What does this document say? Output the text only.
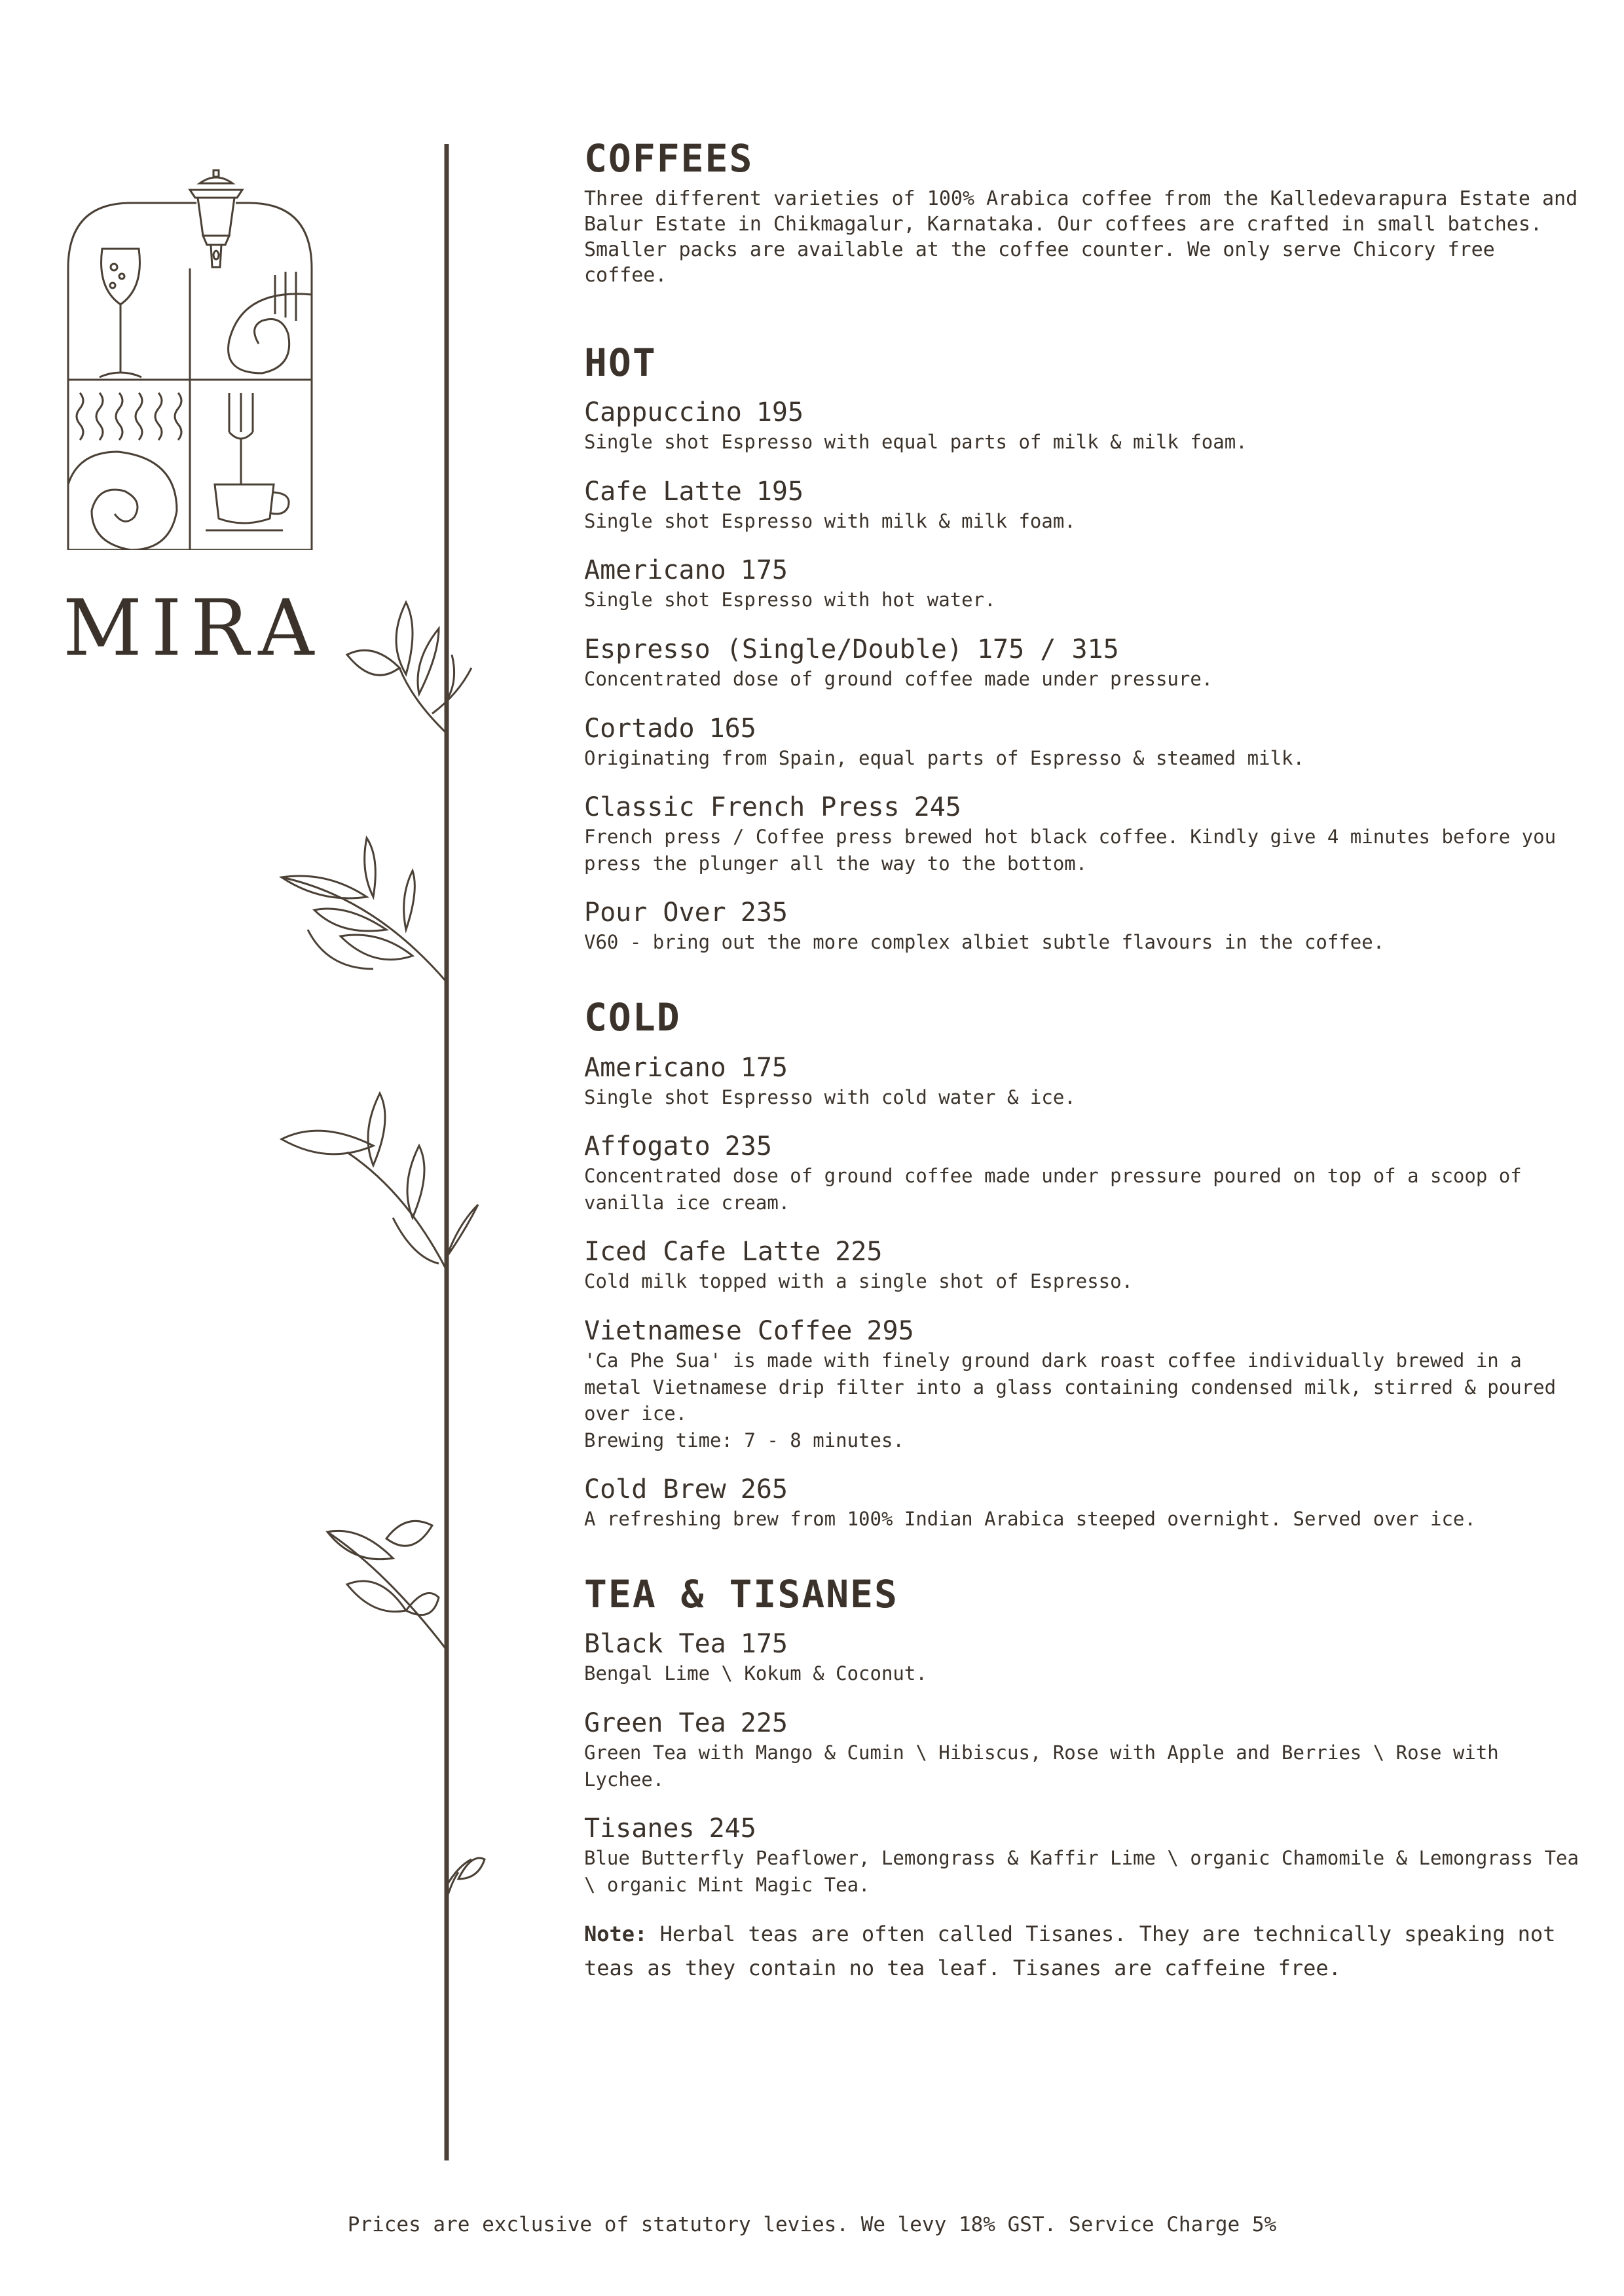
MIRA
COFFEES

Three different varieties of 100% Arabica coffee from the Kalledevarapura Estate and Balur Estate in Chikmagalur, Karnataka. Our coffees are crafted in small batches. Smaller packs are available at the coffee counter. We only serve Chicory free coffee.

HOT
Cappuccino 195
Single shot Espresso with equal parts of milk & milk foam.
Cafe Latte 195
Single shot Espresso with milk & milk foam.
Americano 175
Single shot Espresso with hot water.
Espresso (Single/Double) 175 / 315
Concentrated dose of ground coffee made under pressure.
Cortado 165
Originating from Spain, equal parts of Espresso & steamed milk.
Classic French Press 245
French press / Coffee press brewed hot black coffee. Kindly give 4 minutes before you press the plunger all the way to the bottom.
Pour Over 235
V60 - bring out the more complex albiet subtle flavours in the coffee.
COLD
Americano 175
Single shot Espresso with cold water & ice.
Affogato 235
Concentrated dose of ground coffee made under pressure poured on top of a scoop of vanilla ice cream.
Iced Cafe Latte 225
Cold milk topped with a single shot of Espresso.
Vietnamese Coffee 295
'Ca Phe Sua' is made with finely ground dark roast coffee individually brewed in a metal Vietnamese drip filter into a glass containing condensed milk, stirred & poured over ice.
Brewing time: 7 - 8 minutes.
Cold Brew 265
A refreshing brew from 100% Indian Arabica steeped overnight. Served over ice.
TEA & TISANES
Black Tea 175
Bengal Lime \ Kokum & Coconut.
Green Tea 225
Green Tea with Mango & Cumin \ Hibiscus, Rose with Apple and Berries \ Rose with Lychee.
Tisanes 245
Blue Butterfly Peaflower, Lemongrass & Kaffir Lime \ organic Chamomile & Lemongrass Tea \ organic Mint Magic Tea.
Note: Herbal teas are often called Tisanes. They are technically speaking not teas as they contain no tea leaf. Tisanes are caffeine free.
Prices are exclusive of statutory levies. We levy 18% GST. Service Charge 5%
